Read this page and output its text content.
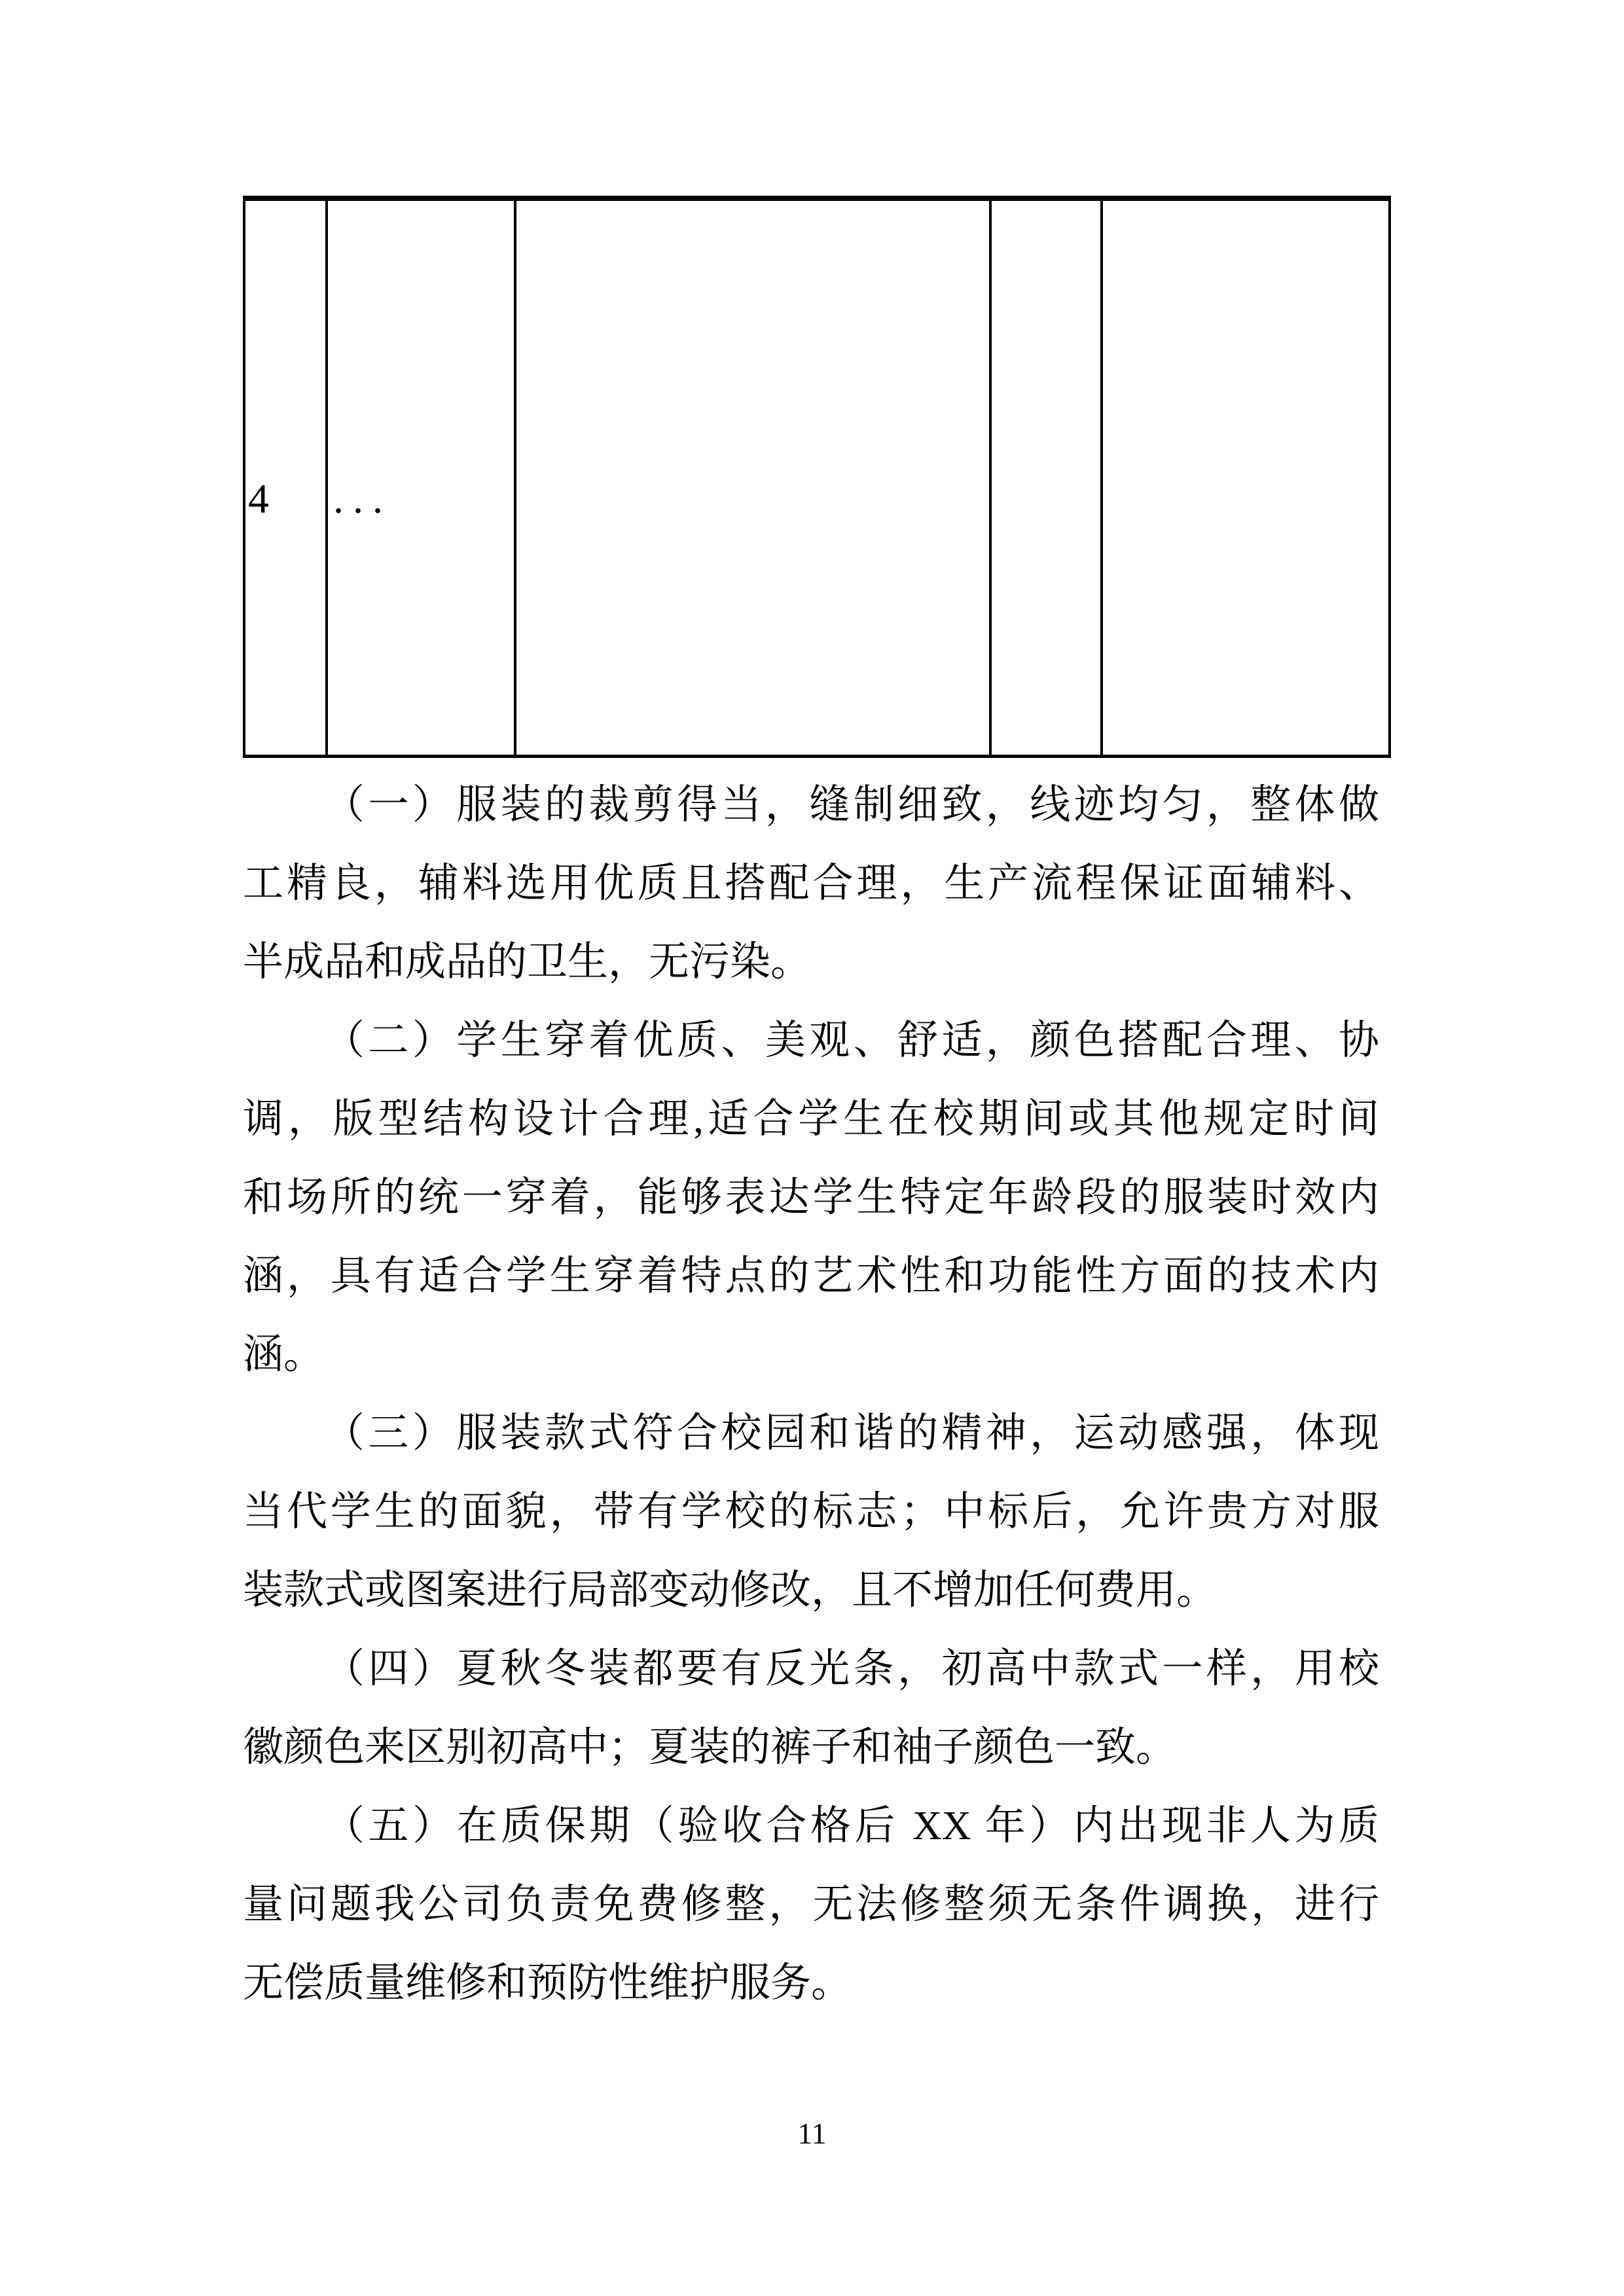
4 ...
（一）服装的裁剪得当，缝制细致，线迹均匀，整体做
工精良，辅料选用优质且搭配合理，生产流程保证面辅料、
半成品和成品的卫生，无污染。
（二）学生穿着优质、美观、舒适，颜色搭配合理、协
调，版型结构设计合理,适合学生在校期间或其他规定时间
和场所的统一穿着，能够表达学生特定年龄段的服装时效内
涵，具有适合学生穿着特点的艺术性和功能性方面的技术内
涵。
（三）服装款式符合校园和谐的精神，运动感强，体现
当代学生的面貌，带有学校的标志；中标后，允许贵方对服
装款式或图案进行局部变动修改，且不增加任何费用。
（四）夏秋冬装都要有反光条，初高中款式一样，用校
徽颜色来区别初高中；夏装的裤子和袖子颜色一致。
（五）在质保期（验收合格后 XX 年）内出现非人为质
量问题我公司负责免费修整，无法修整须无条件调换，进行
无偿质量维修和预防性维护服务。
11
